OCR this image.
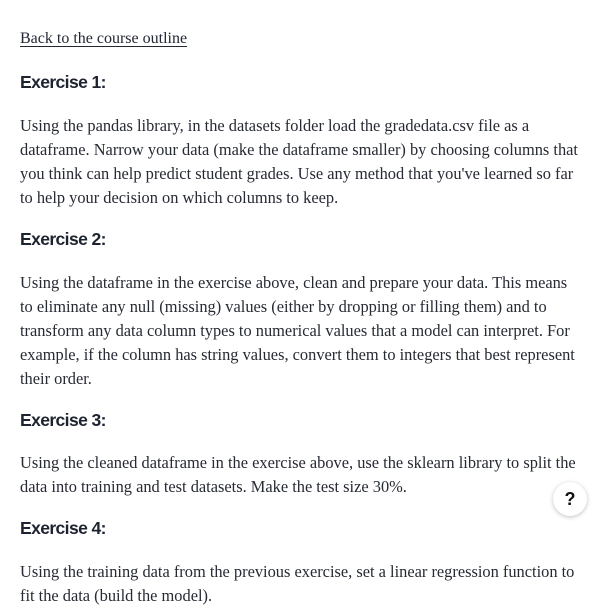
Back to the course outline
Exercise 1:

Using the pandas library, in the datasets folder load the gradedata.csv file as a dataframe. Narrow your data (make the dataframe smaller) by choosing columns that you think can help predict student grades. Use any method that you've learned so far to help your decision on which columns to keep.

Exercise 2:

Using the dataframe in the exercise above, clean and prepare your data. This means to eliminate any null (missing) values (either by dropping or filling them) and to transform any data column types to numerical values that a model can interpret. For example, if the column has string values, convert them to integers that best represent their order.

Exercise 3:

Using the cleaned dataframe in the exercise above, use the sklearn library to split the data into training and test datasets. Make the test size 30%.

Exercise 4:

Using the training data from the previous exercise, set a linear regression function to fit the data (build the model).

?
